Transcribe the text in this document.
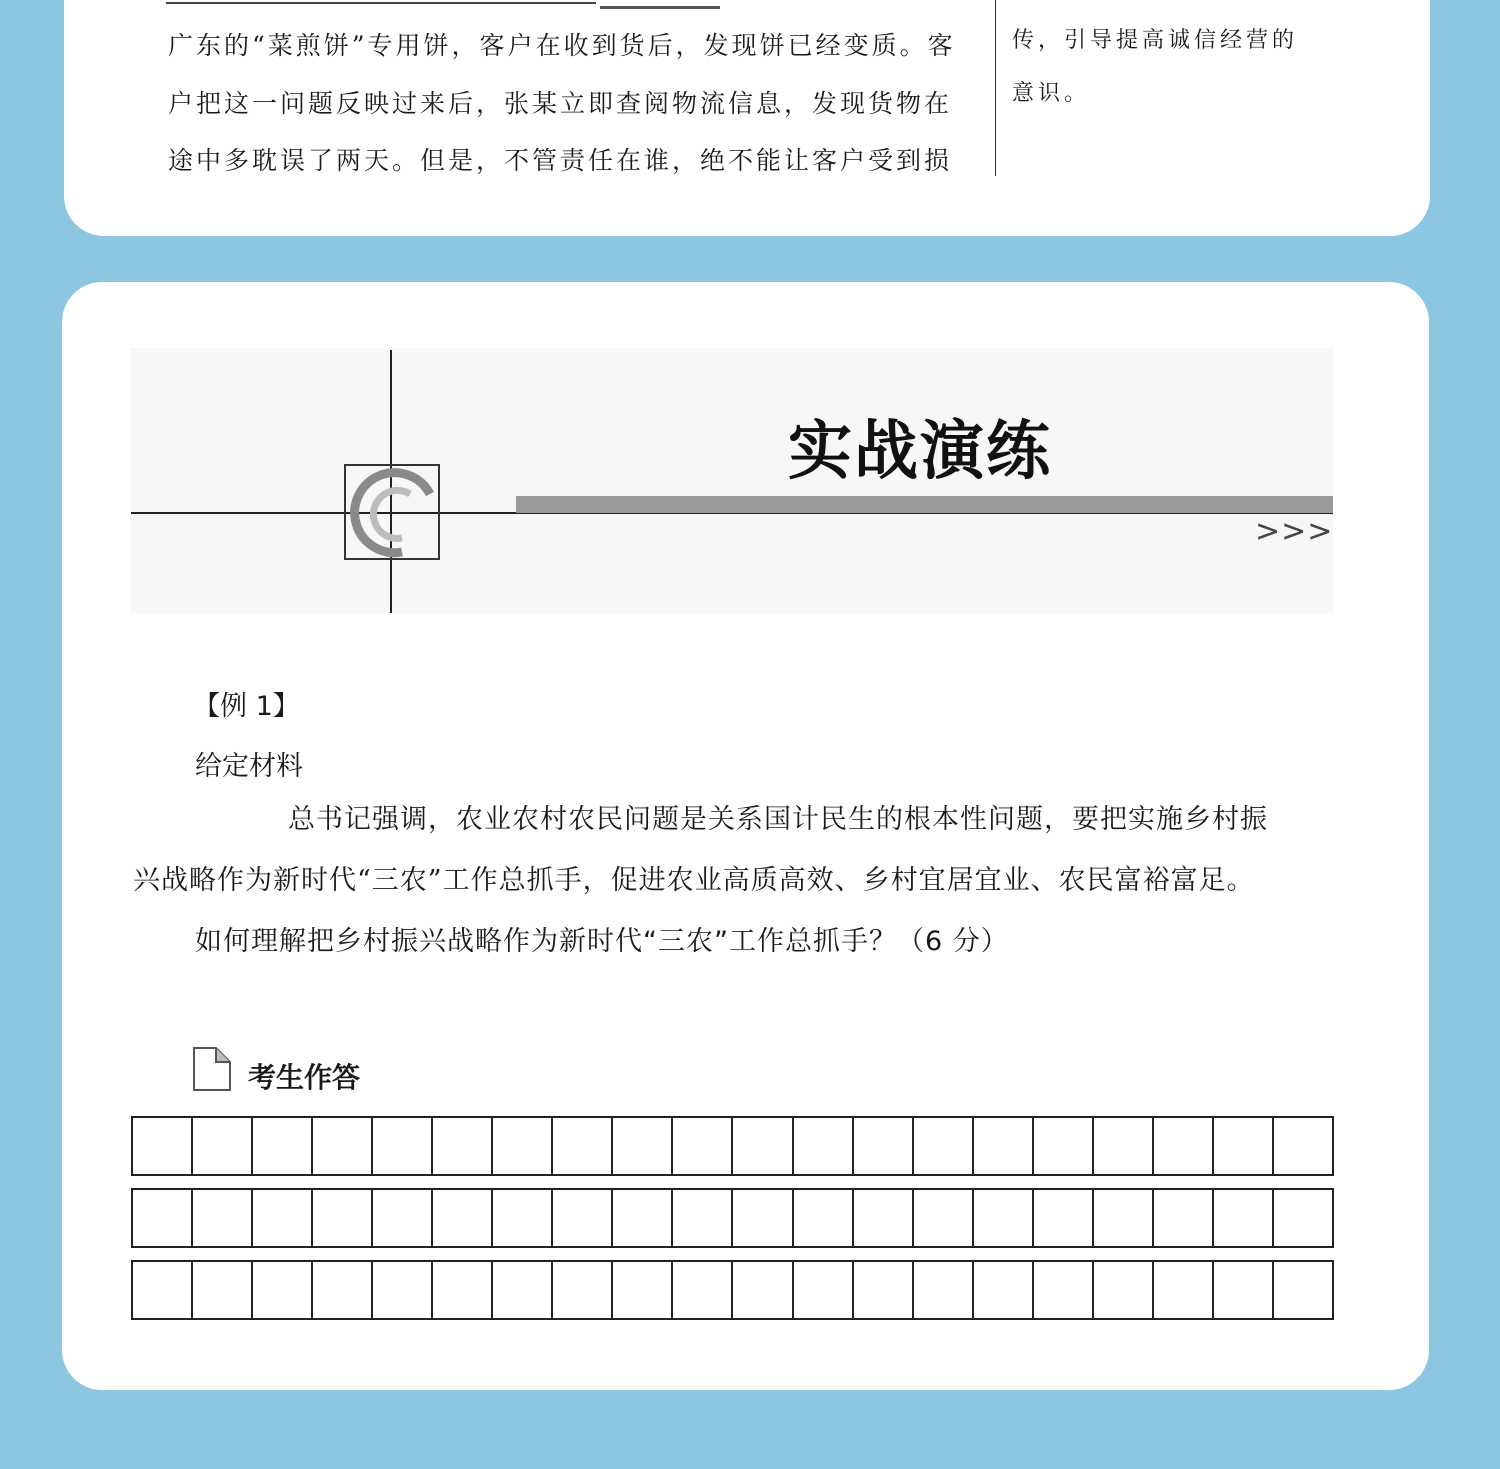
广东的“菜煎饼”专用饼，客户在收到货后，发现饼已经变质。客
户把这一问题反映过来后，张某立即查阅物流信息，发现货物在
途中多耽误了两天。但是，不管责任在谁，绝不能让客户受到损
传，引导提高诚信经营的
意识。
实战演练
>>>
【例 1】
给定材料
总书记强调，农业农村农民问题是关系国计民生的根本性问题，要把实施乡村振
兴战略作为新时代“三农”工作总抓手，促进农业高质高效、乡村宜居宜业、农民富裕富足。
如何理解把乡村振兴战略作为新时代“三农”工作总抓手？（6 分）
考生作答
